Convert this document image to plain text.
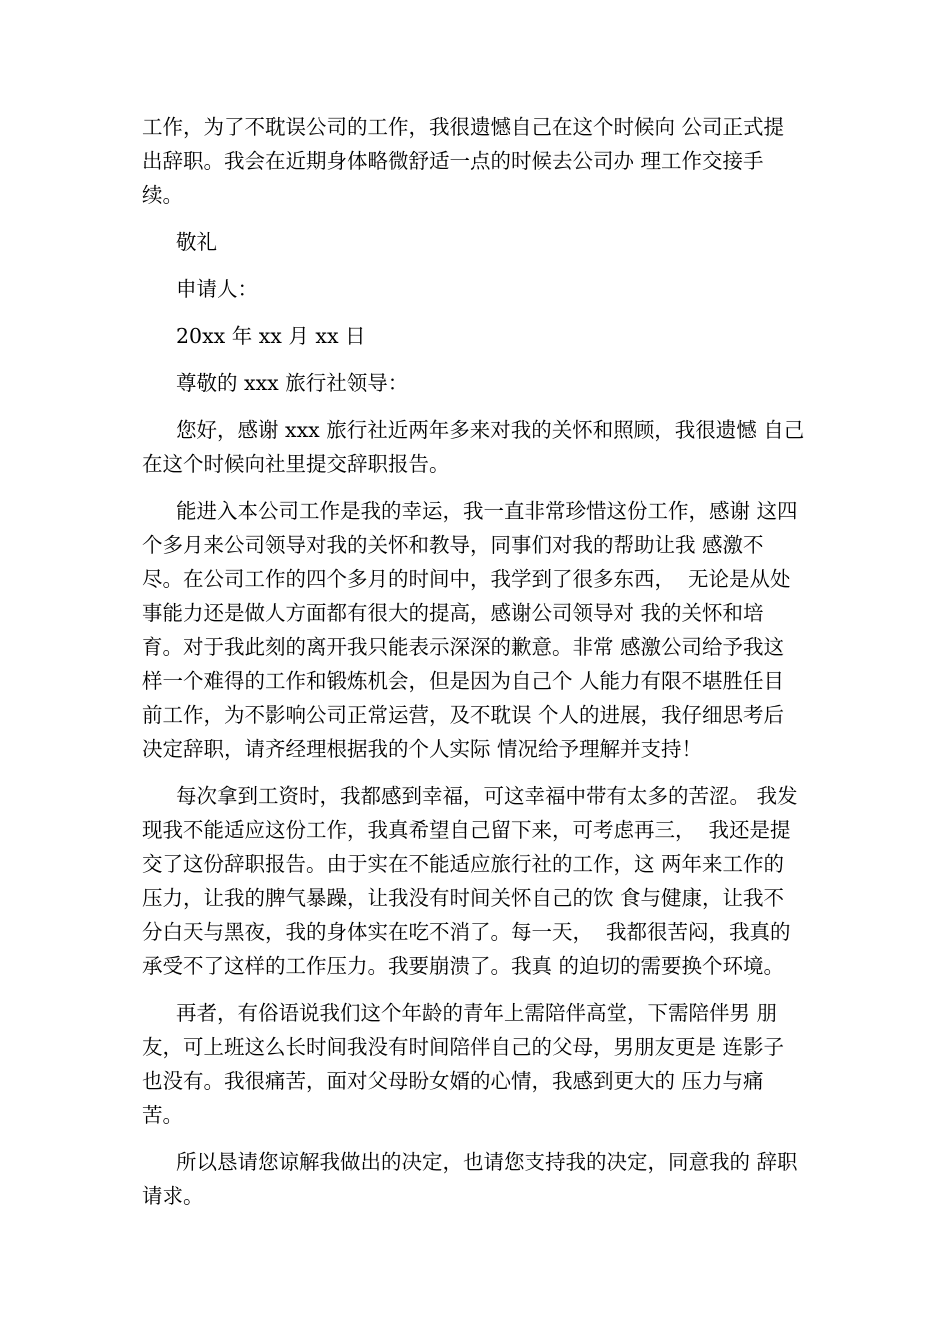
工作，为了不耽误公司的工作，我很遗憾自己在这个时候向 公司正式提
出辞职。我会在近期身体略微舒适一点的时候去公司办 理工作交接手
续。
敬礼
申请人：
20xx 年 xx 月 xx 日
尊敬的 xxx 旅行社领导：
您好，感谢 xxx 旅行社近两年多来对我的关怀和照顾，我很遗憾 自己
在这个时候向社里提交辞职报告。
能进入本公司工作是我的幸运，我一直非常珍惜这份工作，感谢 这四
个多月来公司领导对我的关怀和教导，同事们对我的帮助让我 感激不
尽。在公司工作的四个多月的时间中，我学到了很多东西，  无论是从处
事能力还是做人方面都有很大的提高，感谢公司领导对 我的关怀和培
育。对于我此刻的离开我只能表示深深的歉意。非常 感激公司给予我这
样一个难得的工作和锻炼机会，但是因为自己个 人能力有限不堪胜任目
前工作，为不影响公司正常运营，及不耽误 个人的进展，我仔细思考后
决定辞职，请齐经理根据我的个人实际 情况给予理解并支持！
每次拿到工资时，我都感到幸福，可这幸福中带有太多的苦涩。 我发
现我不能适应这份工作，我真希望自己留下来，可考虑再三，  我还是提
交了这份辞职报告。由于实在不能适应旅行社的工作，这 两年来工作的
压力，让我的脾气暴躁，让我没有时间关怀自己的饮 食与健康，让我不
分白天与黑夜，我的身体实在吃不消了。每一天，  我都很苦闷，我真的
承受不了这样的工作压力。我要崩溃了。我真 的迫切的需要换个环境。
再者，有俗语说我们这个年龄的青年上需陪伴高堂，下需陪伴男 朋
友，可上班这么长时间我没有时间陪伴自己的父母，男朋友更是 连影子
也没有。我很痛苦，面对父母盼女婿的心情，我感到更大的 压力与痛
苦。
所以恳请您谅解我做出的决定，也请您支持我的决定，同意我的 辞职
请求。
